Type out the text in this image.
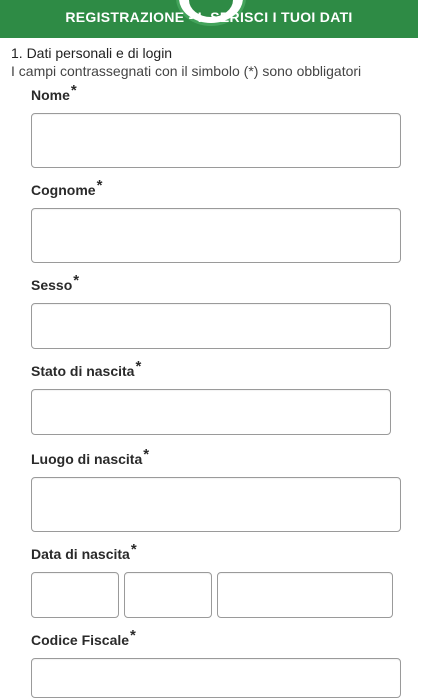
REGISTRAZIONE - I. SERISCI I TUOI DATI
1. Dati personali e di login
I campi contrassegnati con il simbolo (*) sono obbligatori
Nome*
Cognome*
Sesso*
Stato di nascita*
Luogo di nascita*
Data di nascita*
Codice Fiscale*
